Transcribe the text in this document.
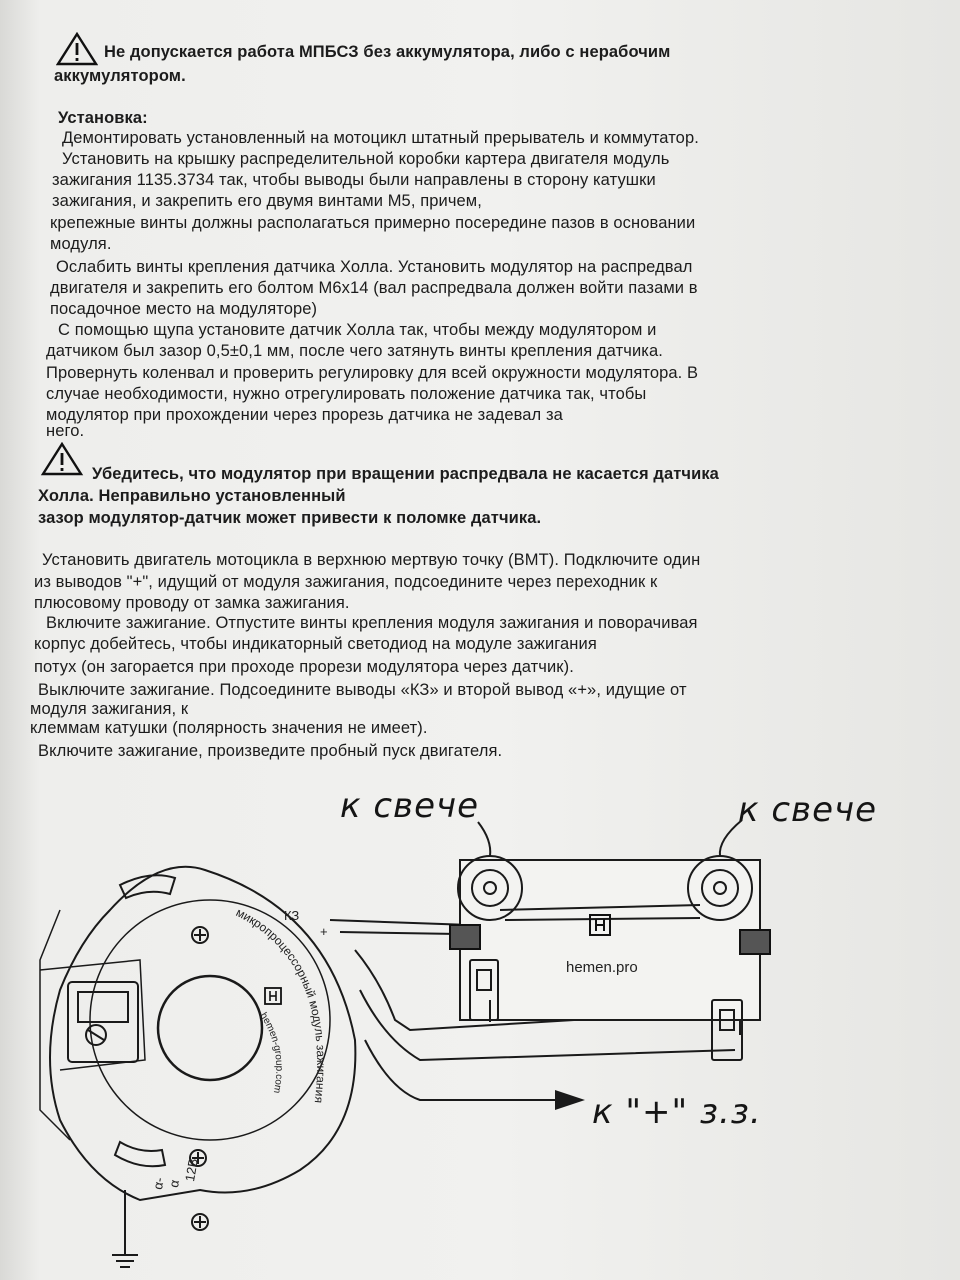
Не допускается работа МПБСЗ без аккумулятора, либо с нерабочим
аккумулятором.
Установка:
Демонтировать установленный на мотоцикл штатный прерыватель и коммутатор.
Установить на крышку распределительной коробки картера двигателя модуль
зажигания 1135.3734 так, чтобы выводы были направлены в сторону катушки
зажигания, и закрепить его двумя винтами М5, причем,
крепежные винты должны располагаться примерно посередине пазов в основании
модуля.
Ослабить винты крепления датчика Холла. Установить модулятор на распредвал
двигателя и закрепить его болтом М6х14 (вал распредвала должен войти пазами в
посадочное место на модуляторе)
С помощью щупа установите датчик Холла так, чтобы между модулятором и
датчиком был зазор 0,5±0,1 мм, после чего затянуть винты крепления датчика.
Провернуть коленвал и проверить регулировку для всей окружности модулятора. В
случае необходимости, нужно отрегулировать положение датчика так, чтобы
модулятор при прохождении через прорезь датчика не задевал за
него.
Убедитесь, что модулятор при вращении распредвала не касается датчика
Холла. Неправильно установленный
зазор модулятор-датчик может привести к поломке датчика.
Установить двигатель мотоцикла в верхнюю мертвую точку (ВМТ). Подключите один
из выводов "+", идущий от модуля зажигания, подсоедините через переходник к
плюсовому проводу от замка зажигания.
Включите зажигание. Отпустите винты крепления модуля зажигания и поворачивая
корпус добейтесь, чтобы индикаторный светодиод на модуле зажигания
потух (он загорается при проходе прорези модулятора через датчик).
Выключите зажигание. Подсоедините выводы «КЗ» и второй вывод «+», идущие от
модуля зажигания, к
клеммам катушки (полярность значения не имеет).
Включите зажигание, произведите пробный пуск двигателя.
микропроцессорный модуль зажигания
hemen-group.com
к свече	к свече
к "+" з.з.
hemen.pro
КЗ
+
12В
α- α
